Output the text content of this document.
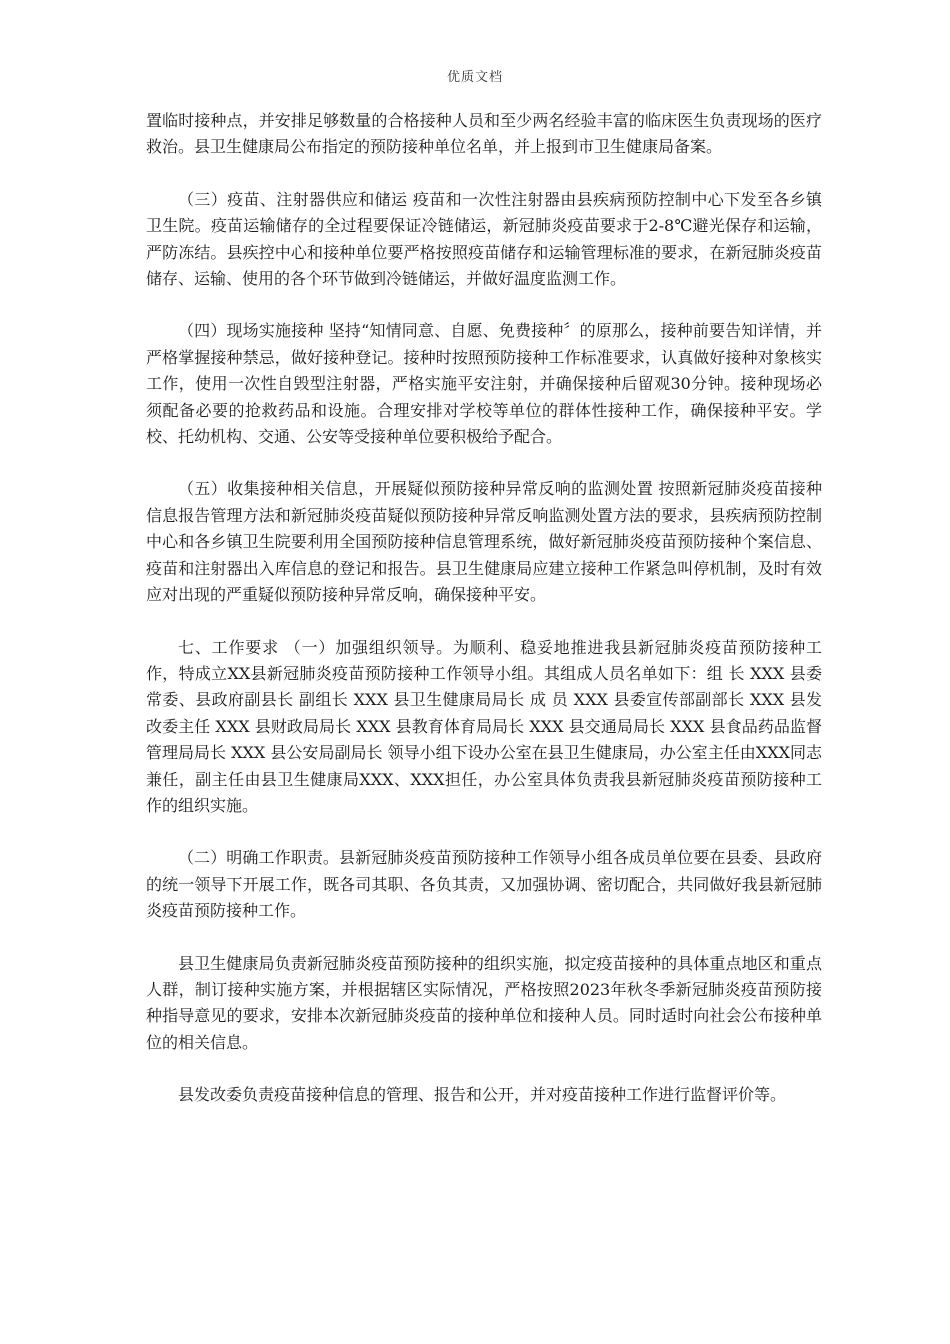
优质文档

置临时接种点，并安排足够数量的合格接种人员和至少两名经验丰富的临床医生负责现场的医疗救治。县卫生健康局公布指定的预防接种单位名单，并上报到市卫生健康局备案。

（三）疫苗、注射器供应和储运 疫苗和一次性注射器由县疾病预防控制中心下发至各乡镇卫生院。疫苗运输储存的全过程要保证冷链储运，新冠肺炎疫苗要求于2-8℃避光保存和运输，严防冻结。县疾控中心和接种单位要严格按照疫苗储存和运输管理标准的要求，在新冠肺炎疫苗储存、运输、使用的各个环节做到冷链储运，并做好温度监测工作。

（四）现场实施接种 坚持“知情同意、自愿、免费接种〞的原那么，接种前要告知详情，并严格掌握接种禁忌，做好接种登记。接种时按照预防接种工作标准要求，认真做好接种对象核实工作，使用一次性自毁型注射器，严格实施平安注射，并确保接种后留观30分钟。接种现场必须配备必要的抢救药品和设施。合理安排对学校等单位的群体性接种工作，确保接种平安。学校、托幼机构、交通、公安等受接种单位要积极给予配合。

（五）收集接种相关信息，开展疑似预防接种异常反响的监测处置 按照新冠肺炎疫苗接种信息报告管理方法和新冠肺炎疫苗疑似预防接种异常反响监测处置方法的要求，县疾病预防控制中心和各乡镇卫生院要利用全国预防接种信息管理系统，做好新冠肺炎疫苗预防接种个案信息、疫苗和注射器出入库信息的登记和报告。县卫生健康局应建立接种工作紧急叫停机制，及时有效应对出现的严重疑似预防接种异常反响，确保接种平安。

七、工作要求 （一）加强组织领导。为顺利、稳妥地推进我县新冠肺炎疫苗预防接种工作，特成立XX县新冠肺炎疫苗预防接种工作领导小组。其组成人员名单如下：组 长 XXX 县委常委、县政府副县长 副组长 XXX 县卫生健康局局长 成 员 XXX 县委宣传部副部长 XXX 县发改委主任 XXX 县财政局局长 XXX 县教育体育局局长 XXX 县交通局局长 XXX 县食品药品监督管理局局长 XXX 县公安局副局长 领导小组下设办公室在县卫生健康局，办公室主任由XXX同志兼任，副主任由县卫生健康局XXX、XXX担任，办公室具体负责我县新冠肺炎疫苗预防接种工作的组织实施。

（二）明确工作职责。县新冠肺炎疫苗预防接种工作领导小组各成员单位要在县委、县政府的统一领导下开展工作，既各司其职、各负其责，又加强协调、密切配合，共同做好我县新冠肺炎疫苗预防接种工作。

县卫生健康局负责新冠肺炎疫苗预防接种的组织实施，拟定疫苗接种的具体重点地区和重点人群，制订接种实施方案，并根据辖区实际情况，严格按照2023年秋冬季新冠肺炎疫苗预防接种指导意见的要求，安排本次新冠肺炎疫苗的接种单位和接种人员。同时适时向社会公布接种单位的相关信息。

县发改委负责疫苗接种信息的管理、报告和公开，并对疫苗接种工作进行监督评价等。
